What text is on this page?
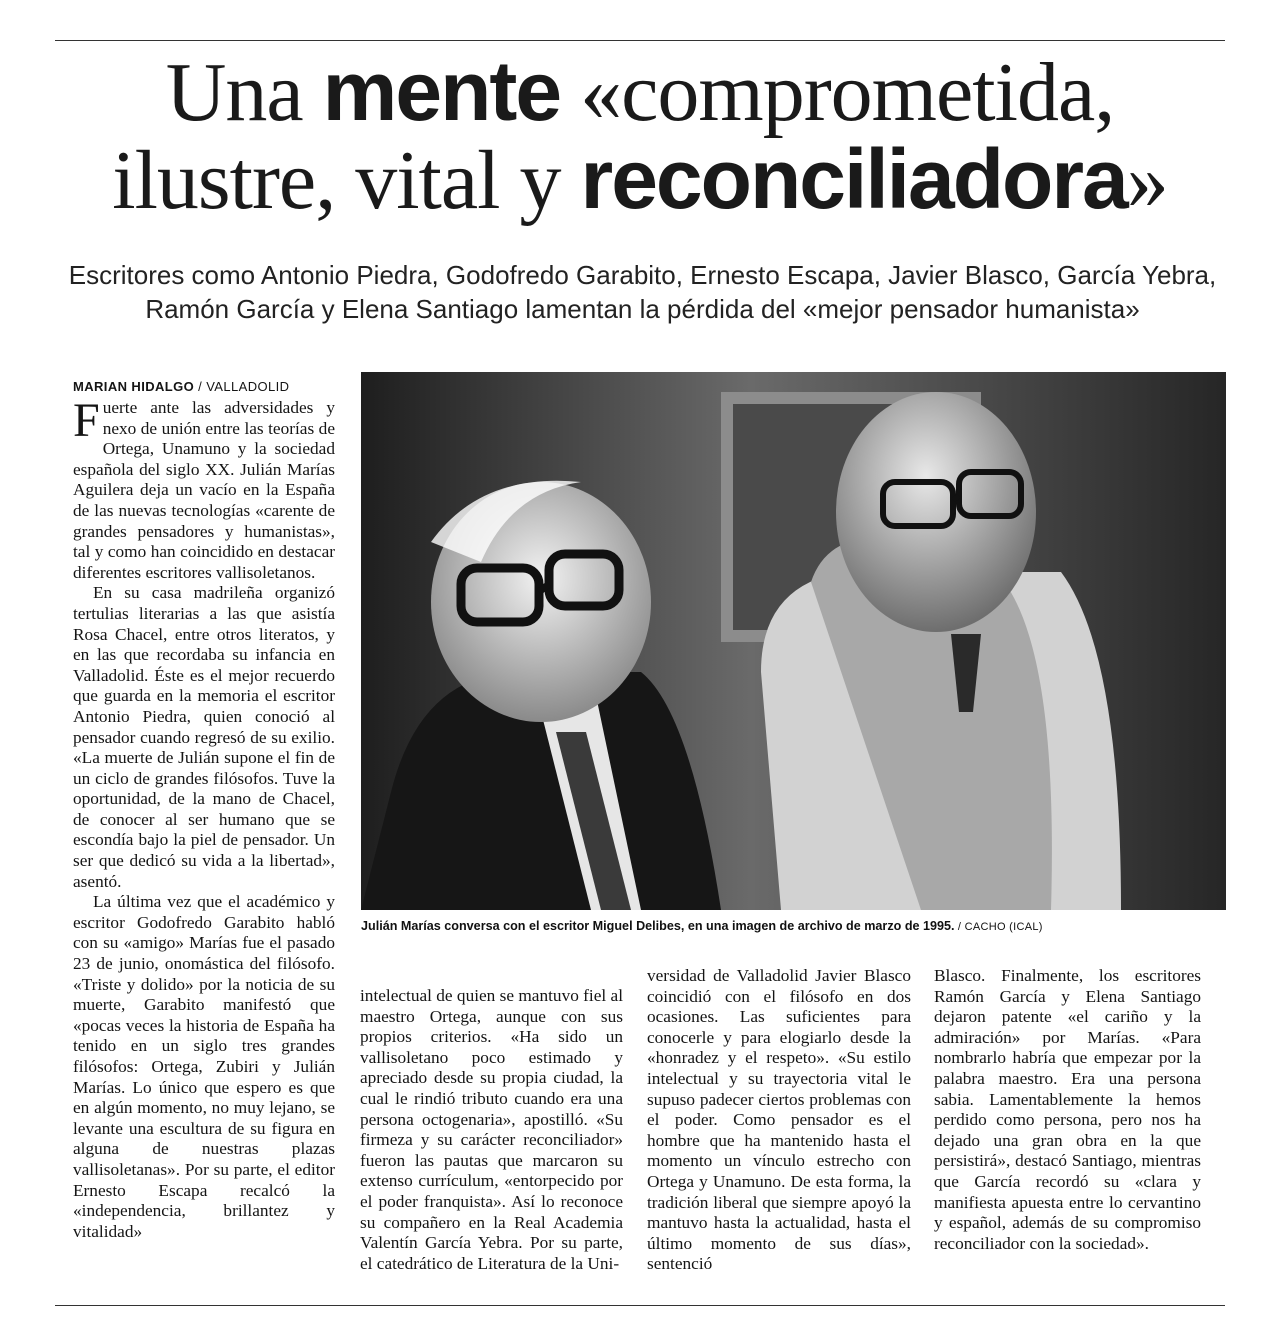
Una mente «comprometida,
ilustre, vital y reconciliadora»
Escritores como Antonio Piedra, Godofredo Garabito, Ernesto Escapa, Javier Blasco, García Yebra, Ramón García y Elena Santiago lamentan la pérdida del «mejor pensador humanista»
MARIAN HIDALGO / VALLADOLID

Fuerte ante las adversidades y nexo de unión entre las teorías de Ortega, Unamuno y la sociedad española del siglo XX. Julián Marías Aguilera deja un vacío en la España de las nuevas tecnologías «carente de grandes pensadores y humanistas», tal y como han coincidido en destacar diferentes escritores vallisoletanos.

En su casa madrileña organizó tertulias literarias a las que asistía Rosa Chacel, entre otros literatos, y en las que recordaba su infancia en Valladolid. Éste es el mejor recuerdo que guarda en la memoria el escritor Antonio Piedra, quien conoció al pensador cuando regresó de su exilio. «La muerte de Julián supone el fin de un ciclo de grandes filósofos. Tuve la oportunidad, de la mano de Chacel, de conocer al ser humano que se escondía bajo la piel de pensador. Un ser que dedicó su vida a la libertad», asentó.

La última vez que el académico y escritor Godofredo Garabito habló con su «amigo» Marías fue el pasado 23 de junio, onomástica del filósofo. «Triste y dolido» por la noticia de su muerte, Garabito manifestó que «pocas veces la historia de España ha tenido en un siglo tres grandes filósofos: Ortega, Zubiri y Julián Marías. Lo único que espero es que en algún momento, no muy lejano, se levante una escultura de su figura en alguna de nuestras plazas vallisoletanas». Por su parte, el editor Ernesto Escapa recalcó la «independencia, brillantez y vitalidad»

Julián Marías conversa con el escritor Miguel Delibes, en una imagen de archivo de marzo de 1995. / CACHO (ICAL)

intelectual de quien se mantuvo fiel al maestro Ortega, aunque con sus propios criterios. «Ha sido un vallisoletano poco estimado y apreciado desde su propia ciudad, la cual le rindió tributo cuando era una persona octogenaria», apostilló. «Su firmeza y su carácter reconciliador» fueron las pautas que marcaron su extenso currículum, «entorpecido por el poder franquista». Así lo reconoce su compañero en la Real Academia Valentín García Yebra. Por su parte, el catedrático de Literatura de la Uni-

versidad de Valladolid Javier Blasco coincidió con el filósofo en dos ocasiones. Las suficientes para conocerle y para elogiarlo desde la «honradez y el respeto». «Su estilo intelectual y su trayectoria vital le supuso padecer ciertos problemas con el poder. Como pensador es el hombre que ha mantenido hasta el momento un vínculo estrecho con Ortega y Unamuno. De esta forma, la tradición liberal que siempre apoyó la mantuvo hasta la actualidad, hasta el último momento de sus días», sentenció

Blasco. Finalmente, los escritores Ramón García y Elena Santiago dejaron patente «el cariño y la admiración» por Marías. «Para nombrarlo habría que empezar por la palabra maestro. Era una persona sabia. Lamentablemente la hemos perdido como persona, pero nos ha dejado una gran obra en la que persistirá», destacó Santiago, mientras que García recordó su «clara y manifiesta apuesta entre lo cervantino y español, además de su compromiso reconciliador con la sociedad».
